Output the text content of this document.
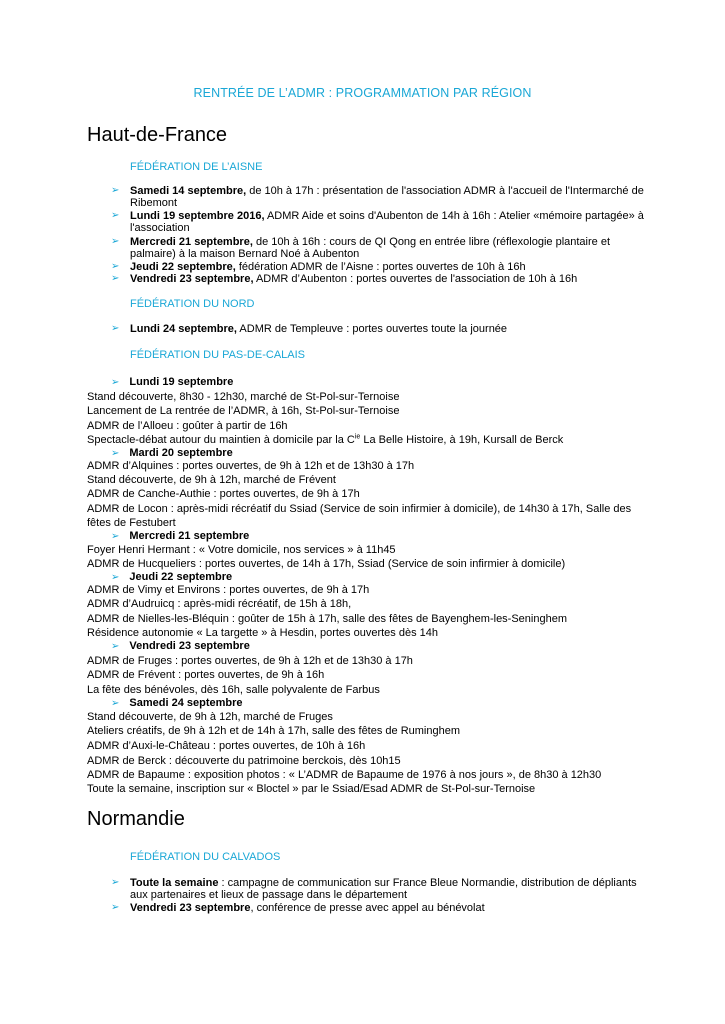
RENTRÉE DE L’ADMR : PROGRAMMATION PAR RÉGION
Haut-de-France
FÉDÉRATION DE L’AISNE
➢ Samedi 14 septembre, de 10h à 17h : présentation de l'association ADMR à l'accueil de l'Intermarché de Ribemont
➢ Lundi 19 septembre 2016, ADMR Aide et soins d'Aubenton de 14h à 16h : Atelier «mémoire partagée» à l'association
➢ Mercredi 21 septembre, de 10h à 16h : cours de QI Qong en entrée libre (réflexologie plantaire et palmaire) à la maison Bernard Noé à Aubenton
➢ Jeudi 22 septembre, fédération ADMR de l’Aisne : portes ouvertes de 10h à 16h
➢ Vendredi 23 septembre, ADMR d’Aubenton : portes ouvertes de l'association de 10h à 16h
FÉDÉRATION DU NORD
➢ Lundi 24 septembre, ADMR de Templeuve : portes ouvertes toute la journée
FÉDÉRATION DU PAS-DE-CALAIS
➢ Lundi 19 septembre
Stand découverte, 8h30 - 12h30, marché de St-Pol-sur-Ternoise
Lancement de La rentrée de l’ADMR, à 16h, St-Pol-sur-Ternoise
ADMR de l’Alloeu : goûter à partir de 16h
Spectacle-débat autour du maintien à domicile par la $C^{ie}$ La Belle Histoire, à 19h, Kursall de Berck
➢ Mardi 20 septembre
ADMR d’Alquines : portes ouvertes, de 9h à 12h et de 13h30 à 17h
Stand découverte, de 9h à 12h, marché de Frévent
ADMR de Canche-Authie : portes ouvertes, de 9h à 17h
ADMR de Locon : après-midi récréatif du Ssiad (Service de soin infirmier à domicile), de 14h30 à 17h, Salle des
fêtes de Festubert
➢ Mercredi 21 septembre
Foyer Henri Hermant : « Votre domicile, nos services » à 11h45
ADMR de Hucqueliers : portes ouvertes, de 14h à 17h, Ssiad (Service de soin infirmier à domicile)
➢ Jeudi 22 septembre
ADMR de Vimy et Environs : portes ouvertes, de 9h à 17h
ADMR d’Audruicq : après-midi récréatif, de 15h à 18h,
ADMR de Nielles-les-Bléquin : goûter de 15h à 17h, salle des fêtes de Bayenghem-les-Seninghem
Résidence autonomie « La targette » à Hesdin, portes ouvertes dès 14h
➢ Vendredi 23 septembre
ADMR de Fruges : portes ouvertes, de 9h à 12h et de 13h30 à 17h
ADMR de Frévent : portes ouvertes, de 9h à 16h
La fête des bénévoles, dès 16h, salle polyvalente de Farbus
➢ Samedi 24 septembre
Stand découverte, de 9h à 12h, marché de Fruges
Ateliers créatifs, de 9h à 12h et de 14h à 17h, salle des fêtes de Ruminghem
ADMR d’Auxi-le-Château : portes ouvertes, de 10h à 16h
ADMR de Berck : découverte du patrimoine berckois, dès 10h15
ADMR de Bapaume : exposition photos : « L’ADMR de Bapaume de 1976 à nos jours », de 8h30 à 12h30
Toute la semaine, inscription sur « Bloctel » par le Ssiad/Esad ADMR de St-Pol-sur-Ternoise
Normandie
FÉDÉRATION DU CALVADOS
➢ Toute la semaine : campagne de communication sur France Bleue Normandie, distribution de dépliants aux partenaires et lieux de passage dans le département
➢ Vendredi 23 septembre, conférence de presse avec appel au bénévolat
